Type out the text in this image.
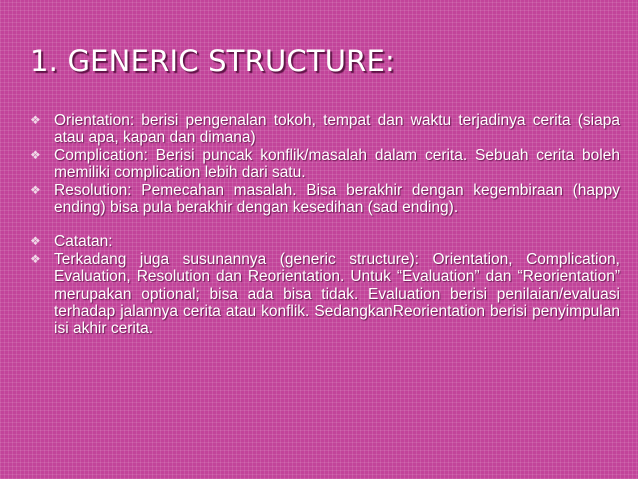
1. GENERIC STRUCTURE:
❖ Orientation: berisi pengenalan tokoh, tempat dan waktu terjadinya cerita (siapa atau apa, kapan dan dimana)
❖ Complication: Berisi puncak konflik/masalah dalam cerita. Sebuah cerita boleh memiliki complication lebih dari satu.
❖ Resolution: Pemecahan masalah. Bisa berakhir dengan kegembiraan (happy ending) bisa pula berakhir dengan kesedihan (sad ending).
❖ Catatan:
❖ Terkadang juga susunannya (generic structure): Orientation, Complication, Evaluation, Resolution dan Reorientation. Untuk “Evaluation” dan “Reorientation” merupakan optional; bisa ada bisa tidak. Evaluation berisi penilaian/evaluasi terhadap jalannya cerita atau konflik. SedangkanReorientation berisi penyimpulan isi akhir cerita.
